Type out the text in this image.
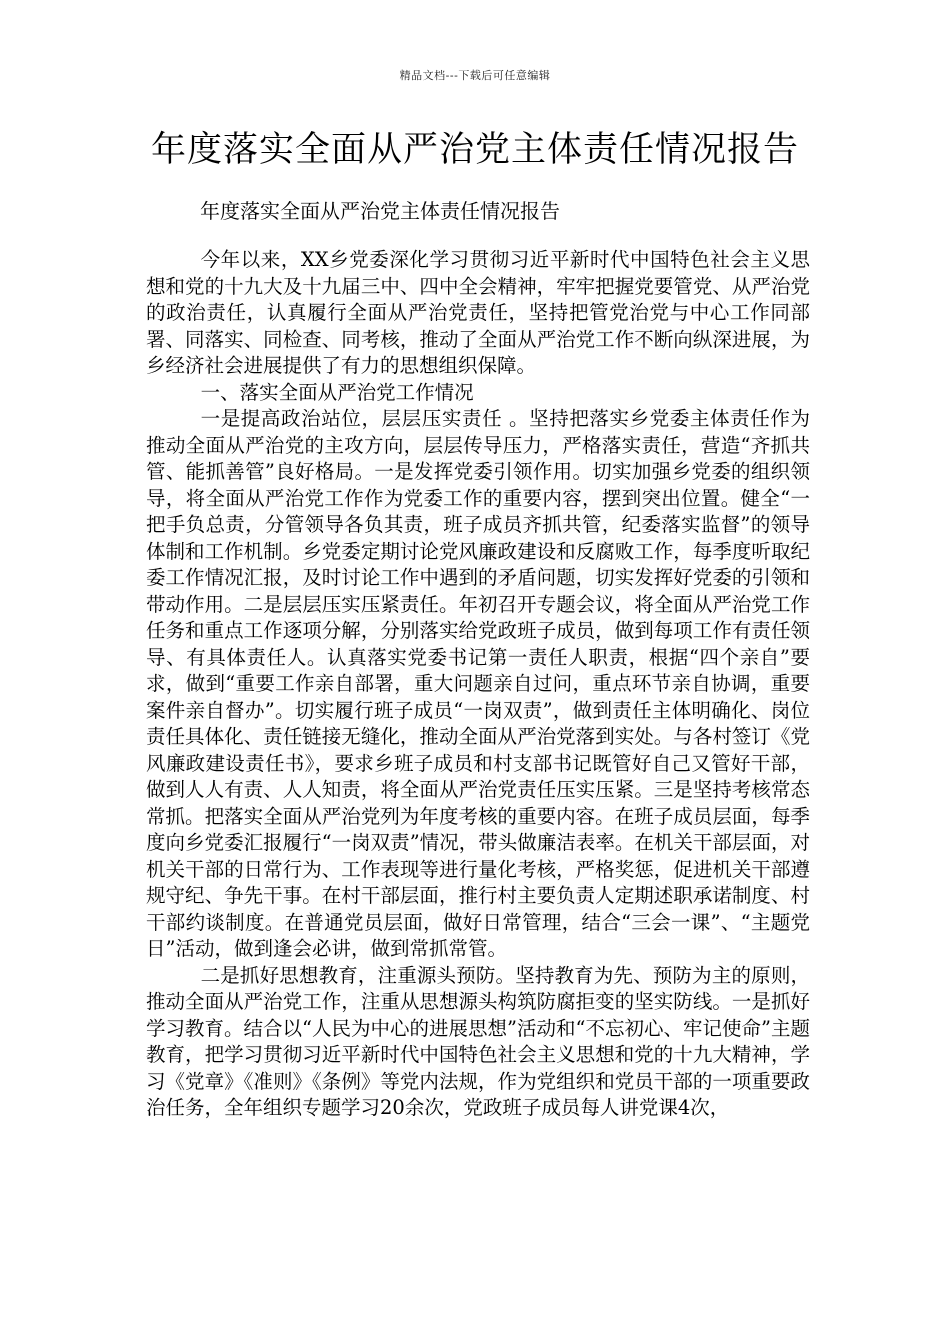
精品文档---下载后可任意编辑
年度落实全面从严治党主体责任情况报告

年度落实全面从严治党主体责任情况报告

今年以来，XX乡党委深化学习贯彻习近平新时代中国特色社会主义思想和党的十九大及十九届三中、四中全会精神，牢牢把握党要管党、从严治党的政治责任，认真履行全面从严治党责任，坚持把管党治党与中心工作同部署、同落实、同检查、同考核，推动了全面从严治党工作不断向纵深进展，为乡经济社会进展提供了有力的思想组织保障。

一、落实全面从严治党工作情况

一是提高政治站位，层层压实责任 。坚持把落实乡党委主体责任作为推动全面从严治党的主攻方向，层层传导压力，严格落实责任，营造“齐抓共管、能抓善管”良好格局。一是发挥党委引领作用。切实加强乡党委的组织领导，将全面从严治党工作作为党委工作的重要内容，摆到突出位置。健全“一把手负总责，分管领导各负其责，班子成员齐抓共管，纪委落实监督”的领导体制和工作机制。乡党委定期讨论党风廉政建设和反腐败工作，每季度听取纪委工作情况汇报，及时讨论工作中遇到的矛盾问题，切实发挥好党委的引领和带动作用。二是层层压实压紧责任。年初召开专题会议，将全面从严治党工作任务和重点工作逐项分解，分别落实给党政班子成员，做到每项工作有责任领导、有具体责任人。认真落实党委书记第一责任人职责，根据“四个亲自”要求，做到“重要工作亲自部署，重大问题亲自过问，重点环节亲自协调，重要案件亲自督办”。切实履行班子成员“一岗双责”，做到责任主体明确化、岗位责任具体化、责任链接无缝化，推动全面从严治党落到实处。与各村签订《党风廉政建设责任书》，要求乡班子成员和村支部书记既管好自己又管好干部，做到人人有责、人人知责，将全面从严治党责任压实压紧。三是坚持考核常态常抓。把落实全面从严治党列为年度考核的重要内容。在班子成员层面，每季度向乡党委汇报履行“一岗双责”情况，带头做廉洁表率。在机关干部层面，对机关干部的日常行为、工作表现等进行量化考核，严格奖惩，促进机关干部遵规守纪、争先干事。在村干部层面，推行村主要负责人定期述职承诺制度、村干部约谈制度。在普通党员层面，做好日常管理，结合“三会一课”、“主题党日”活动，做到逢会必讲，做到常抓常管。

二是抓好思想教育，注重源头预防。坚持教育为先、预防为主的原则，推动全面从严治党工作，注重从思想源头构筑防腐拒变的坚实防线。一是抓好学习教育。结合以“人民为中心的进展思想”活动和“不忘初心、牢记使命”主题教育，把学习贯彻习近平新时代中国特色社会主义思想和党的十九大精神，学习《党章》《准则》《条例》等党内法规，作为党组织和党员干部的一项重要政治任务，全年组织专题学习20余次，党政班子成员每人讲党课4次，
